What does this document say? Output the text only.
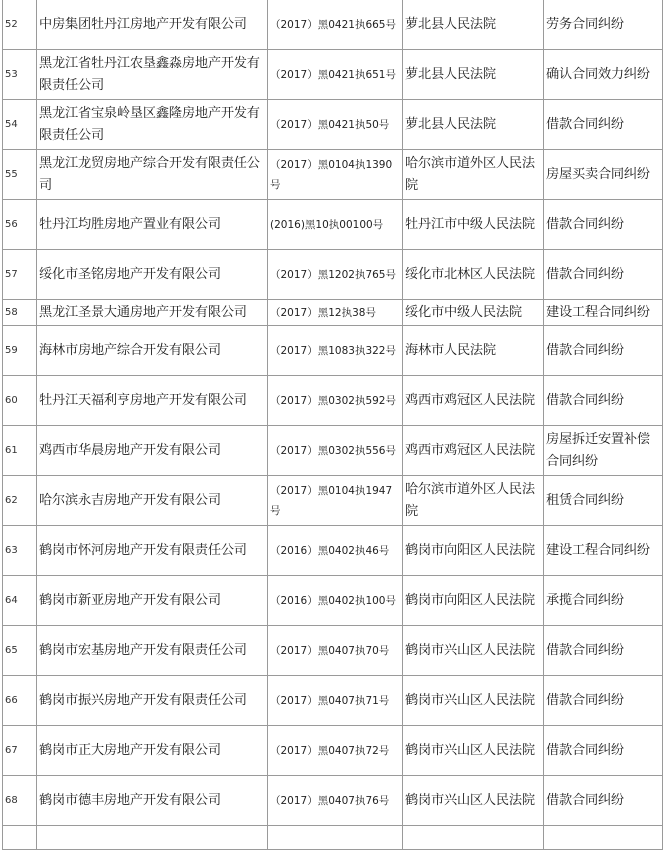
52	中房集团牡丹江房地产开发有限公司	（2017）黑0421执665号	萝北县人民法院	劳务合同纠纷
53	黑龙江省牡丹江农垦鑫淼房地产开发有限责任公司	（2017）黑0421执651号	萝北县人民法院	确认合同效力纠纷
54	黑龙江省宝泉岭垦区鑫隆房地产开发有限责任公司	（2017）黑0421执50号	萝北县人民法院	借款合同纠纷
55	黑龙江龙贸房地产综合开发有限责任公司	（2017）黑0104执1390号	哈尔滨市道外区人民法院	房屋买卖合同纠纷
56	牡丹江均胜房地产置业有限公司	(2016)黑10执00100号	牡丹江市中级人民法院	借款合同纠纷
57	绥化市圣铭房地产开发有限公司	（2017）黑1202执765号	绥化市北林区人民法院	借款合同纠纷
58	黑龙江圣景大通房地产开发有限公司	（2017）黑12执38号	绥化市中级人民法院	建设工程合同纠纷
59	海林市房地产综合开发有限公司	（2017）黑1083执322号	海林市人民法院	借款合同纠纷
60	牡丹江天福利亨房地产开发有限公司	（2017）黑0302执592号	鸡西市鸡冠区人民法院	借款合同纠纷
61	鸡西市华晨房地产开发有限公司	（2017）黑0302执556号	鸡西市鸡冠区人民法院	房屋拆迁安置补偿合同纠纷
62	哈尔滨永吉房地产开发有限公司	（2017）黑0104执1947号	哈尔滨市道外区人民法院	租赁合同纠纷
63	鹤岗市怀河房地产开发有限责任公司	（2016）黑0402执46号	鹤岗市向阳区人民法院	建设工程合同纠纷
64	鹤岗市新亚房地产开发有限公司	（2016）黑0402执100号	鹤岗市向阳区人民法院	承揽合同纠纷
65	鹤岗市宏基房地产开发有限责任公司	（2017）黑0407执70号	鹤岗市兴山区人民法院	借款合同纠纷
66	鹤岗市振兴房地产开发有限责任公司	（2017）黑0407执71号	鹤岗市兴山区人民法院	借款合同纠纷
67	鹤岗市正大房地产开发有限公司	（2017）黑0407执72号	鹤岗市兴山区人民法院	借款合同纠纷
68	鹤岗市德丰房地产开发有限公司	（2017）黑0407执76号	鹤岗市兴山区人民法院	借款合同纠纷
